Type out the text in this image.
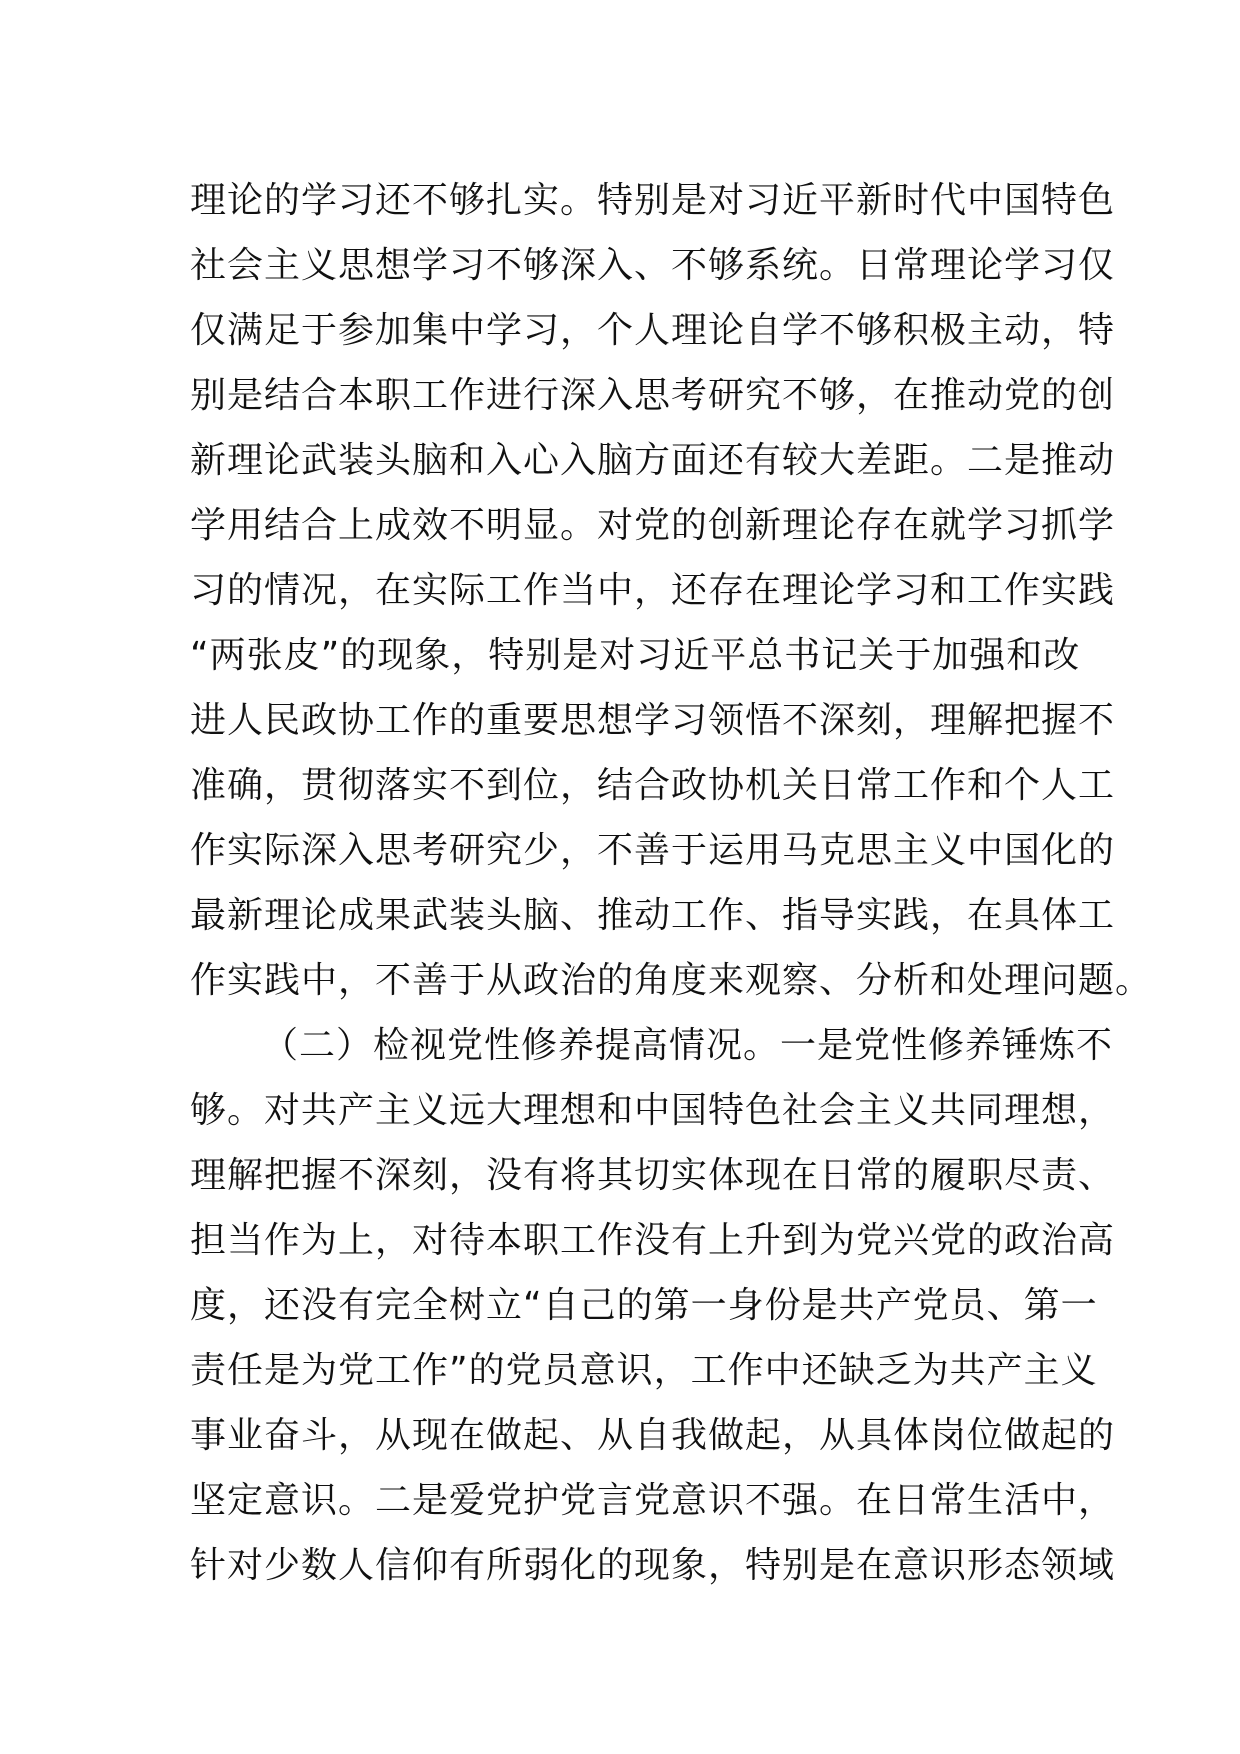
理论的学习还不够扎实。特别是对习近平新时代中国特色
社会主义思想学习不够深入、不够系统。日常理论学习仅
仅满足于参加集中学习，个人理论自学不够积极主动，特
别是结合本职工作进行深入思考研究不够，在推动党的创
新理论武装头脑和入心入脑方面还有较大差距。二是推动
学用结合上成效不明显。对党的创新理论存在就学习抓学
习的情况，在实际工作当中，还存在理论学习和工作实践
“两张皮”的现象，特别是对习近平总书记关于加强和改
进人民政协工作的重要思想学习领悟不深刻，理解把握不
准确，贯彻落实不到位，结合政协机关日常工作和个人工
作实际深入思考研究少，不善于运用马克思主义中国化的
最新理论成果武装头脑、推动工作、指导实践，在具体工
作实践中，不善于从政治的角度来观察、分析和处理问题。
（二）检视党性修养提高情况。一是党性修养锤炼不
够。对共产主义远大理想和中国特色社会主义共同理想，
理解把握不深刻，没有将其切实体现在日常的履职尽责、
担当作为上，对待本职工作没有上升到为党兴党的政治高
度，还没有完全树立“自己的第一身份是共产党员、第一
责任是为党工作”的党员意识，工作中还缺乏为共产主义
事业奋斗，从现在做起、从自我做起，从具体岗位做起的
坚定意识。二是爱党护党言党意识不强。在日常生活中，
针对少数人信仰有所弱化的现象，特别是在意识形态领域
